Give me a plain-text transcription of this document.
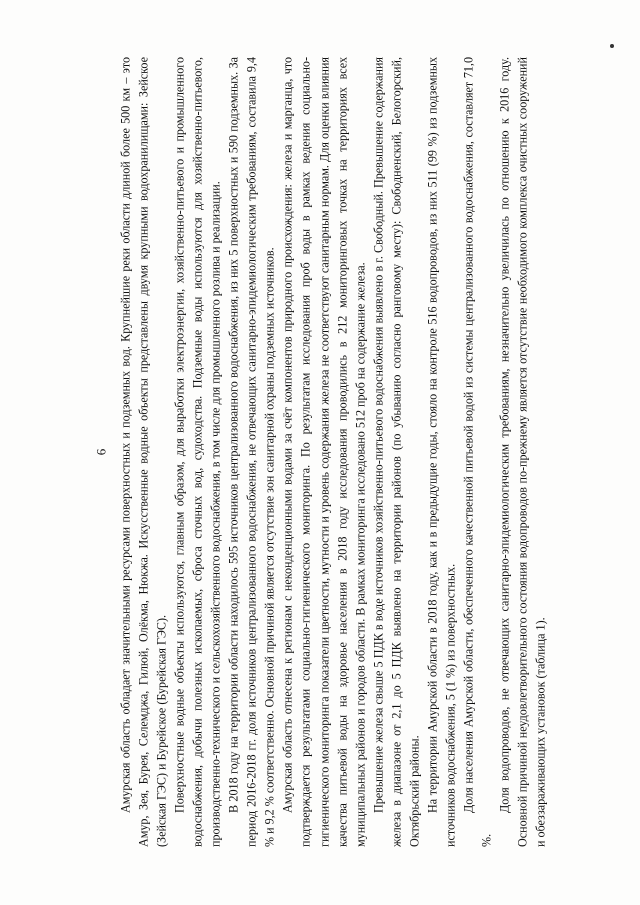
6 Амурская область обладает значительными ресурсами поверхностных и подземных вод. Крупнейшие реки области длиной более 500 км – это Амур, Зея, Бурея, Селемджа, Гилюй, Олёкма, Нюкжа. Искусственные водные объекты представлены двумя крупными водохранилищами: Зейское (Зейская ГЭС) и Бурейское (Бурейская ГЭС). Поверхностные водные объекты используются, главным образом, для выработки электроэнергии, хозяйственно-питьевого и промышленного водоснабжения, добычи полезных ископаемых, сброса сточных вод, судоходства. Подземные воды используются для хозяйственно-питьевого, производственно-технического и сельскохозяйственного водоснабжения, в том числе для промышленного розлива и реализации. В 2018 году на территории области находилось 595 источников централизованного водоснабжения, из них 5 поверхностных и 590 подземных. За период 2016-2018 гг. доля источников централизованного водоснабжения, не отвечающих санитарно-эпидемиологическим требованиям, составила 9,4 % и 9,2 % соответственно. Основной причиной является отсутствие зон санитарной охраны подземных источников. Амурская область отнесена к регионам с неконденционными водами за счёт компонентов природного происхождения: железа и марганца, что подтверждается результатами социально-гигиенического мониторинга. По результатам исследования проб воды в рамках ведения социально-гигиенического мониторинга показатели цветности, мутности и уровень содержания железа не соответствуют санитарным нормам. Для оценки влияния качества питьевой воды на здоровье населения в 2018 году исследования проводились в 212 мониторинговых точках на территориях всех муниципальных районов и городов области. В рамках мониторинга исследовано 512 проб на содержание железа. Превышение железа свыше 5 ПДК в воде источников хозяйственно-питьевого водоснабжения выявлено в г. Свободный. Превышение содержания железа в диапазоне от 2,1 до 5 ПДК выявлено на территории районов (по убыванию согласно ранговому месту): Свободненский, Белогорский, Октябрьский районы. На территории Амурской области в 2018 году, как и в предыдущие годы, стояло на контроле 516 водопроводов, из них 511 (99 %) из подземных источников водоснабжения, 5 (1 %) из поверхностных. Доля населения Амурской области, обеспеченного качественной питьевой водой из системы централизованного водоснабжения, составляет 71,0 %.

Доля водопроводов, не отвечающих санитарно-эпидемиологическим требованиям, незначительно увеличилась по отношению к 2016 году. Основной причиной неудовлетворительного состояния водопроводов по-прежнему является отсутствие необходимого комплекса очистных сооружений и обеззараживающих установок (таблица 1).
